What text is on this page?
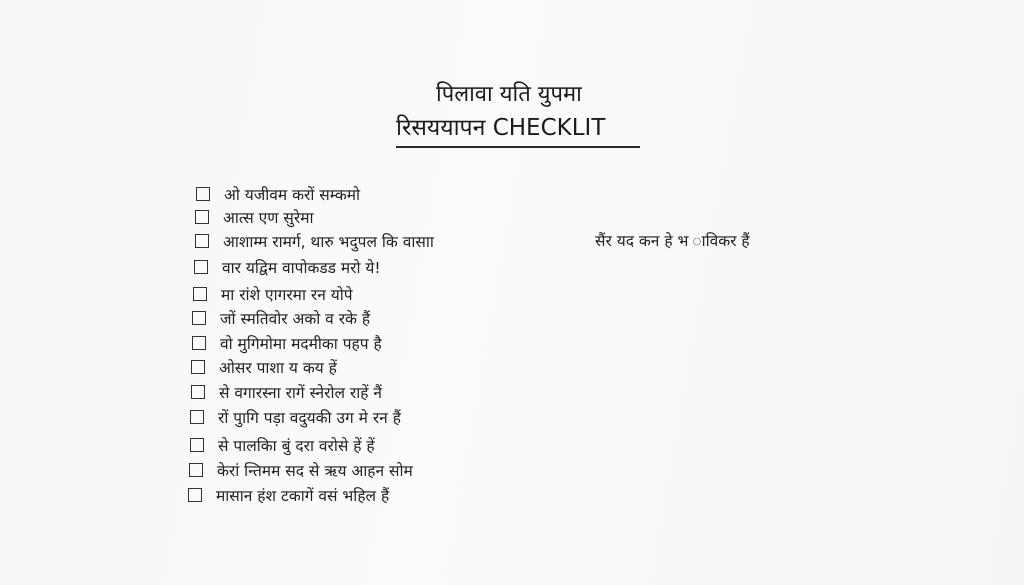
पिलावा यति युपमा
रिसययापन CHECKLIT
ओ यजीवम करों सम्कमो
आत्स एण सुरेमा
आशाम्म रामर्ग, थारु भदुपल कि वासाा
वार यद्विम वापोकडड मरो ये!
मा रांशे एागरमा रन योपे
जों स्मतिवोर अको व रके हैं
वो मुगिमोमा मदमीका पहप है
ओसर पाशा य कय हें
से वगारस्ना रागें स्नेरोल राहें नैं
रों पुागि पड़ा वदुयकी उग मे रन हैं
से पालकिा बुं दरा वरोसे हें हें
केरां न्तिमम सद से ऋय आहन सोम
मासान हंश टकागें वसं भहिल हैं
सैंर यद कन हे भ ाविकर हैं
